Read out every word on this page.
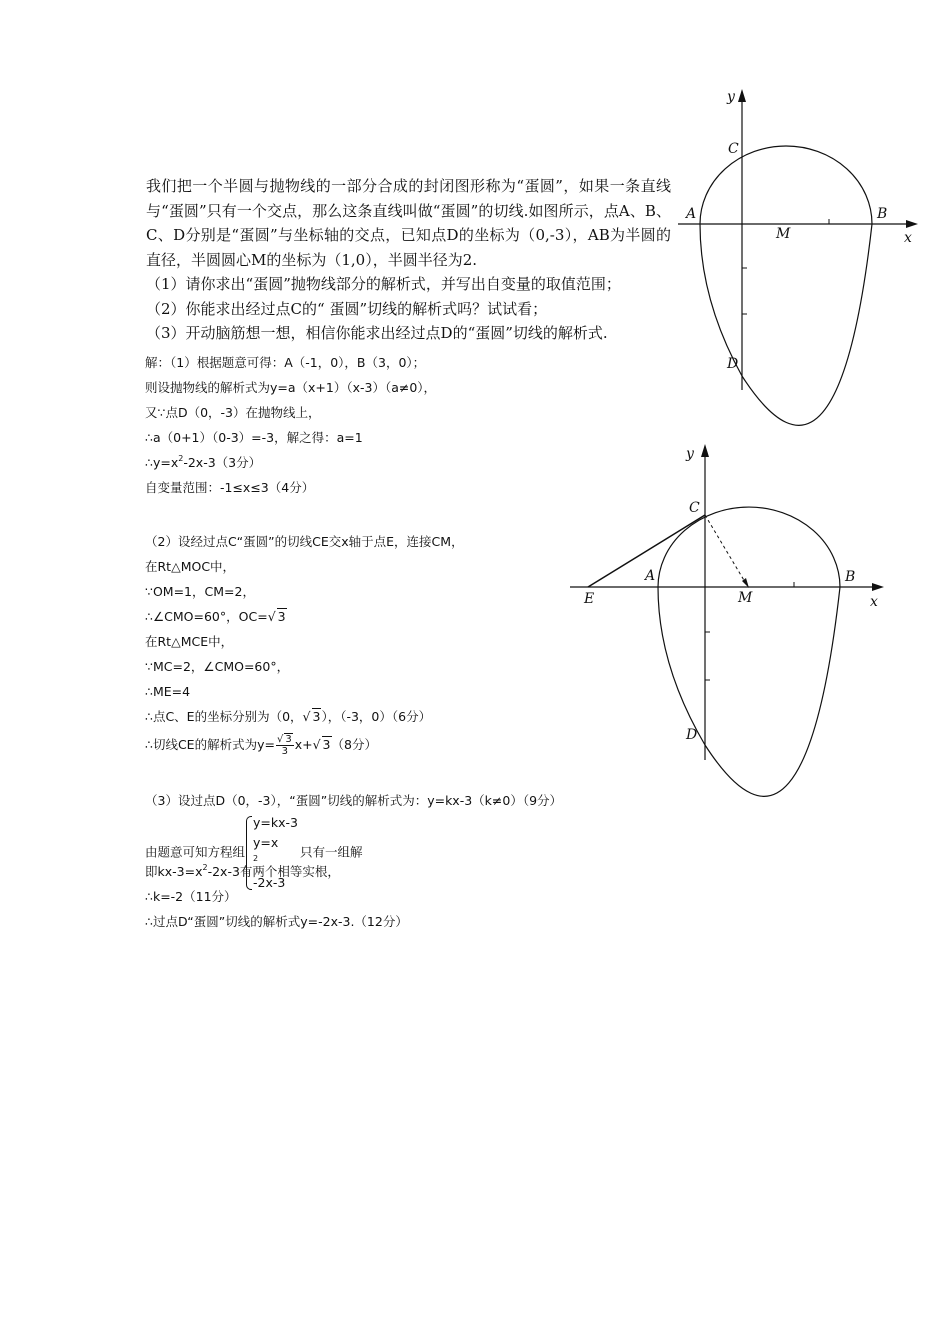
我们把一个半圆与抛物线的一部分合成的封闭图形称为“蛋圆”，如果一条直线与“蛋圆”只有一个交点，那么这条直线叫做“蛋圆”的切线.如图所示，点A、B、C、D分别是“蛋圆”与坐标轴的交点，已知点D的坐标为（0,-3），AB为半圆的直径，半圆圆心M的坐标为（1,0），半圆半径为2.

（1）请你求出“蛋圆”抛物线部分的解析式，并写出自变量的取值范围；

（2）你能求出经过点C的“ 蛋圆”切线的解析式吗？试试看；

（3）开动脑筋想一想，相信你能求出经过点D的“蛋圆”切线的解析式.

y
x
C
A	B
M
D
y
x
C
A	B
M
D
E
解：（1）根据题意可得：A（-1，0），B（3，0）；
则设抛物线的解析式为y=a（x+1）（x-3）（a≠0），
又∵点D（0，-3）在抛物线上，
∴a（0+1）（0-3）=-3，解之得：a=1
$\therefore y=x^2-2x-3(3$分）
自变量范围：-1≤x≤3（4分）
（2）设经过点C“蛋圆”的切线CE交x轴于点E，连接CM，
在Rt△MOC中，
∵OM=1，CM=2，
∴∠CMO=60°，OC=√ 3
在Rt△MCE中，
∵MC=2，∠CMO=60°，
∴ME=4
∴点C、E的坐标分别为（0，√ 3），（-3，0）（6分）
∴切线CE的解析式为$y= \frac{√ 3}{3} x+√$ 3（8分）
（3）设过点D（0，-3），“蛋圆”切线的解析式为：y=kx-3（k≠0）（9分）
由题意可知方程组
y=kx-3
y=x
$^2$
-2x-3
只有一组解
即$kx-3=x^2-2x-3$有两个相等实根，
∴k=-2（11分）
∴过点D“蛋圆”切线的解析式y=-2x-3.（12分）
